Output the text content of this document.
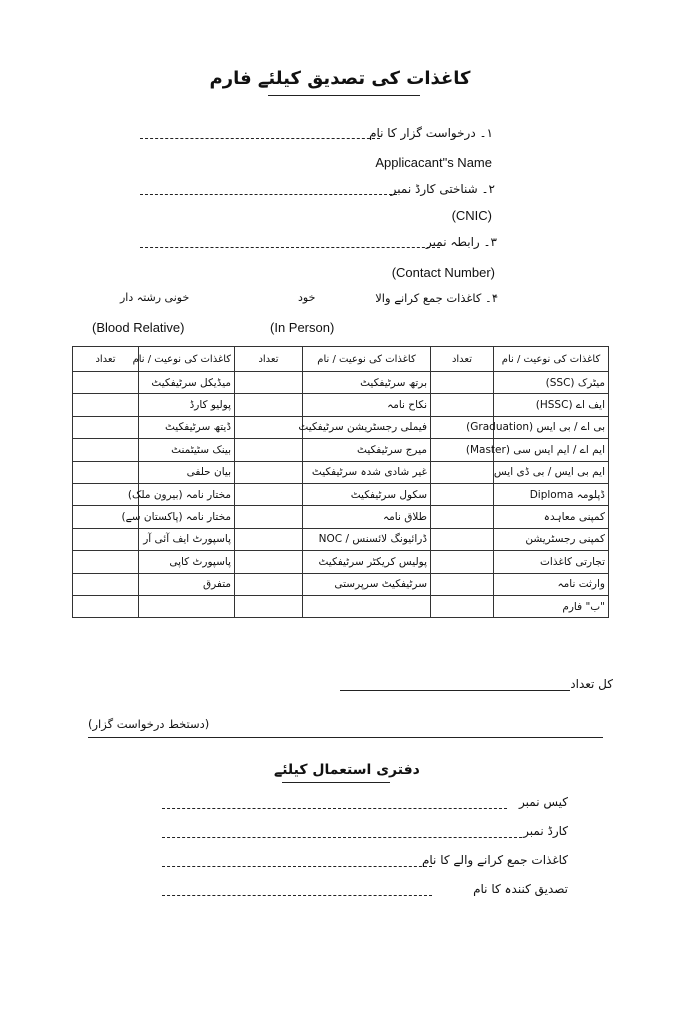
کاغذات کی تصدیق کیلئے فارم
۱۔ درخواست گزار کا نام
Applicacant"s Name
۲۔ شناختی کارڈ نمبر
(CNIC)
۳۔ رابطہ نمبر
(Contact Number)
۴۔ کاغذات جمع کرانے والا
خود
خونی رشتہ دار
(In Person)
(Blood Relative)
تعداد	کاغذات کی نوعیت / نام	تعداد	کاغذات کی نوعیت / نام	تعداد	کاغذات کی نوعیت / نام
	میڈیکل سرٹیفکیٹ		برتھ سرٹیفکیٹ		میٹرک (SSC)
	پولیو کارڈ		نکاح نامہ		ایف اے (HSSC)
	ڈیتھ سرٹیفکیٹ		فیملی رجسٹریشن سرٹیفکیٹ		بی اے / بی ایس (Graduation)
	بینک سٹیٹمنٹ		میرج سرٹیفکیٹ		ایم اے / ایم ایس سی (Master)
	بیان حلفی		غیر شادی شدہ سرٹیفکیٹ		ایم بی ایس / بی ڈی ایس
	مختار نامہ (بیرون ملک)		سکول سرٹیفکیٹ		ڈپلومہ Diploma
	مختار نامہ (پاکستان سے)		طلاق نامہ		کمپنی معاہدہ
	پاسپورٹ ایف آئی آر		ڈرائیونگ لائسنس / NOC		کمپنی رجسٹریشن
	پاسپورٹ کاپی		پولیس کریکٹر سرٹیفکیٹ		تجارتی کاغذات
	متفرق		سرٹیفکیٹ سرپرستی		وارثت نامہ
					"ب" فارم
کل تعداد
(دستخط درخواست گزار)
دفتری استعمال کیلئے
کیس نمبر
کارڈ نمبر
کاغذات جمع کرانے والے کا نام
تصدیق کنندہ کا نام
